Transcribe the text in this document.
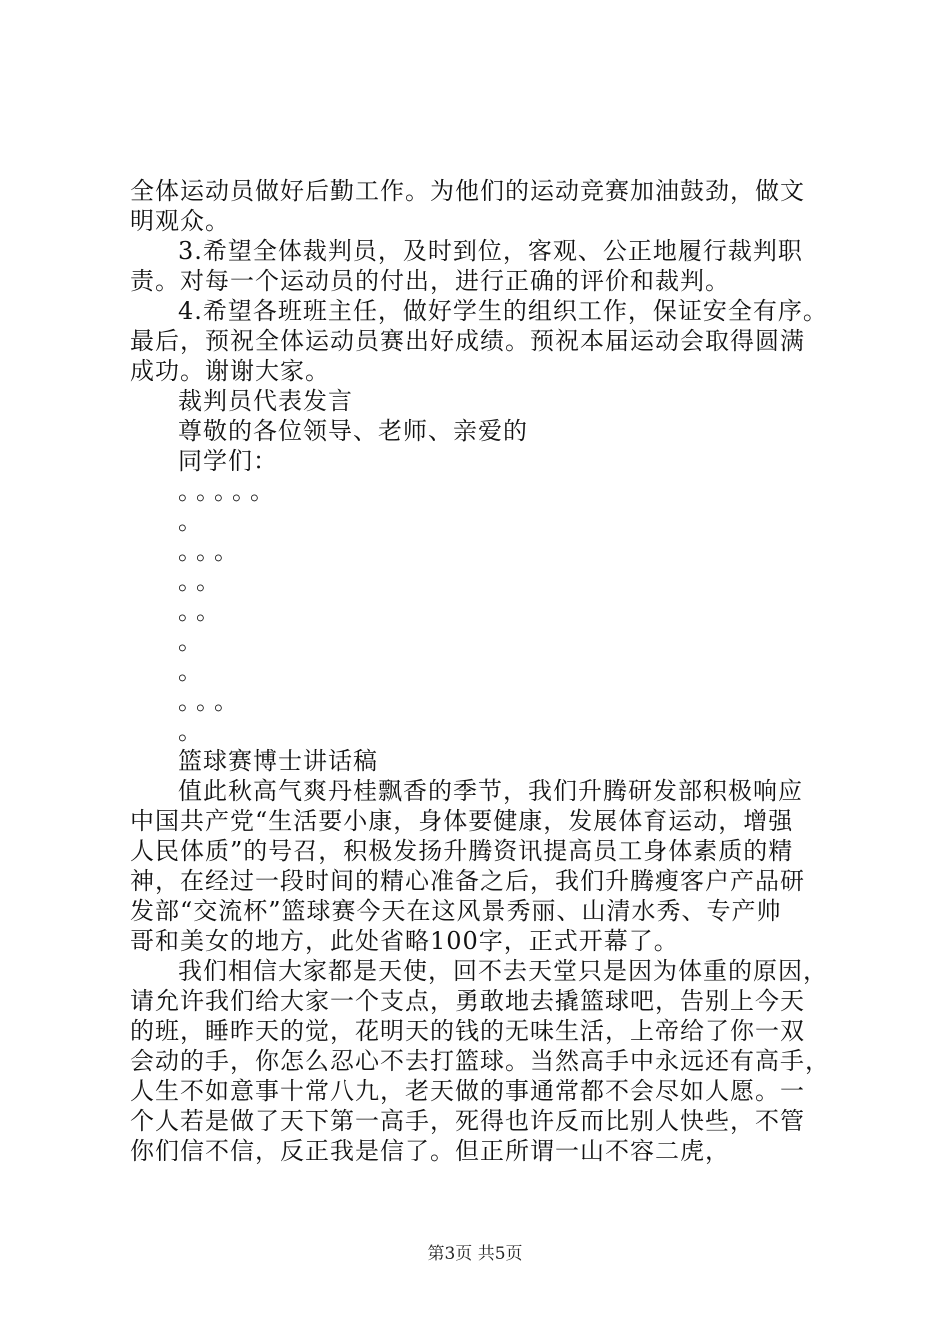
全体运动员做好后勤工作。为他们的运动竞赛加油鼓劲，做文
明观众。
3.希望全体裁判员，及时到位，客观、公正地履行裁判职
责。对每一个运动员的付出，进行正确的评价和裁判。
4.希望各班班主任，做好学生的组织工作，保证安全有序。
最后，预祝全体运动员赛出好成绩。预祝本届运动会取得圆满
成功。谢谢大家。
裁判员代表发言
尊敬的各位领导、老师、亲爱的
同学们：
。。。。。
。
。。。
。。
。。
。
。
。。。
。
篮球赛博士讲话稿
值此秋高气爽丹桂飘香的季节，我们升腾研发部积极响应
中国共产党“生活要小康，身体要健康，发展体育运动，增强
人民体质”的号召，积极发扬升腾资讯提高员工身体素质的精
神，在经过一段时间的精心准备之后，我们升腾瘦客户产品研
发部“交流杯”篮球赛今天在这风景秀丽、山清水秀、专产帅
哥和美女的地方，此处省略100字，正式开幕了。
我们相信大家都是天使，回不去天堂只是因为体重的原因，
请允许我们给大家一个支点，勇敢地去撬篮球吧，告别上今天
的班，睡昨天的觉，花明天的钱的无味生活，上帝给了你一双
会动的手，你怎么忍心不去打篮球。当然高手中永远还有高手，
人生不如意事十常八九，老天做的事通常都不会尽如人愿。一
个人若是做了天下第一高手，死得也许反而比别人快些，不管
你们信不信，反正我是信了。但正所谓一山不容二虎，
第3页 共5页
